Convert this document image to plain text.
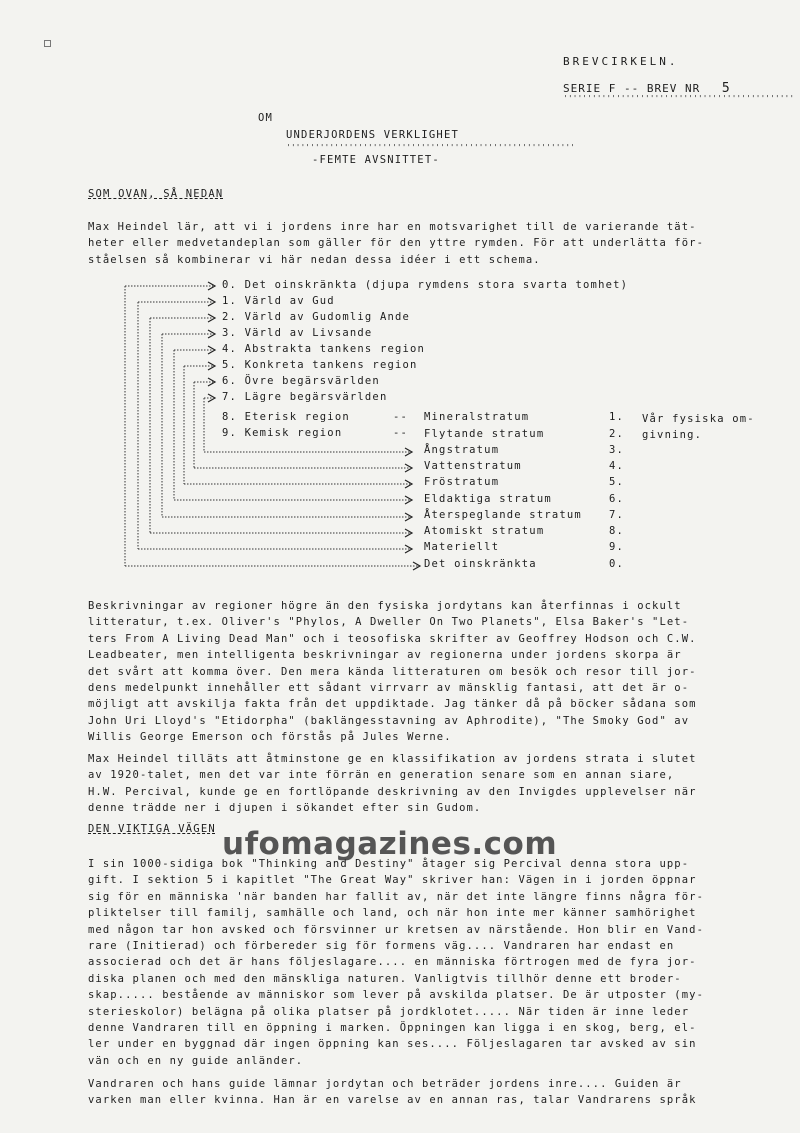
BREVCIRKELN.
SERIE F -- BREV NR 5
''''''''''''''''''''''''''''''''''''''''''''''''
OM
UNDERJORDENS VERKLIGHET
''''''''''''''''''''''''''''''''''''''''''''''''''''''''''''
-FEMTE AVSNITTET-
SOM OVAN, SÅ NEDAN
Max Heindel lär, att vi i jordens inre har en motsvarighet till de varierande tät-
heter eller medvetandeplan som gäller för den yttre rymden. För att underlätta för-
ståelsen så kombinerar vi här nedan dessa idéer i ett schema.
0. Det oinskränkta (djupa rymdens stora svarta tomhet)
1. Värld av Gud
2. Värld av Gudomlig Ande
3. Värld av Livsande
4. Abstrakta tankens region
5. Konkreta tankens region
6. Övre begärsvärlden
7. Lägre begärsvärlden
8. Eterisk region
9. Kemisk region
--
--
Mineralstratum
Flytande stratum
Ångstratum
Vattenstratum
Fröstratum
Eldaktiga stratum
Återspeglande stratum
Atomiskt stratum
Materiellt
Det oinskränkta
1.
2.
3.
4.
5.
6.
7.
8.
9.
0.
Vår fysiska om-
givning.
Beskrivningar av regioner högre än den fysiska jordytans kan återfinnas i ockult
litteratur, t.ex. Oliver's "Phylos, A Dweller On Two Planets", Elsa Baker's "Let-
ters From A Living Dead Man" och i teosofiska skrifter av Geoffrey Hodson och C.W.
Leadbeater, men intelligenta beskrivningar av regionerna under jordens skorpa är
det svårt att komma över. Den mera kända litteraturen om besök och resor till jor-
dens medelpunkt innehåller ett sådant virrvarr av mänsklig fantasi, att det är o-
möjligt att avskilja fakta från det uppdiktade. Jag tänker då på böcker sådana som
John Uri Lloyd's "Etidorpha" (baklängesstavning av Aphrodite), "The Smoky God" av
Willis George Emerson och förstås på Jules Werne.
Max Heindel tilläts att åtminstone ge en klassifikation av jordens strata i slutet
av 1920-talet, men det var inte förrän en generation senare som en annan siare,
H.W. Percival, kunde ge en fortlöpande deskrivning av den Invigdes upplevelser när
denne trädde ner i djupen i sökandet efter sin Gudom.
DEN VIKTIGA VÄGEN
I sin 1000-sidiga bok "Thinking and Destiny" åtager sig Percival denna stora upp-
gift. I sektion 5 i kapitlet "The Great Way" skriver han: Vägen in i jorden öppnar
sig för en människa 'när banden har fallit av, när det inte längre finns några för-
pliktelser till familj, samhälle och land, och när hon inte mer känner samhörighet
med någon tar hon avsked och försvinner ur kretsen av närstående. Hon blir en Vand-
rare (Initierad) och förbereder sig för formens väg.... Vandraren har endast en
associerad och det är hans följeslagare.... en människa förtrogen med de fyra jor-
diska planen och med den mänskliga naturen. Vanligtvis tillhör denne ett broder-
skap..... bestående av människor som lever på avskilda platser. De är utposter (my-
sterieskolor) belägna på olika platser på jordklotet..... När tiden är inne leder
denne Vandraren till en öppning i marken. Öppningen kan ligga i en skog, berg, el-
ler under en byggnad där ingen öppning kan ses.... Följeslagaren tar avsked av sin
vän och en ny guide anländer.
Vandraren och hans guide lämnar jordytan och beträder jordens inre.... Guiden är
varken man eller kvinna. Han är en varelse av en annan ras, talar Vandrarens språk
ufomagazines.com
